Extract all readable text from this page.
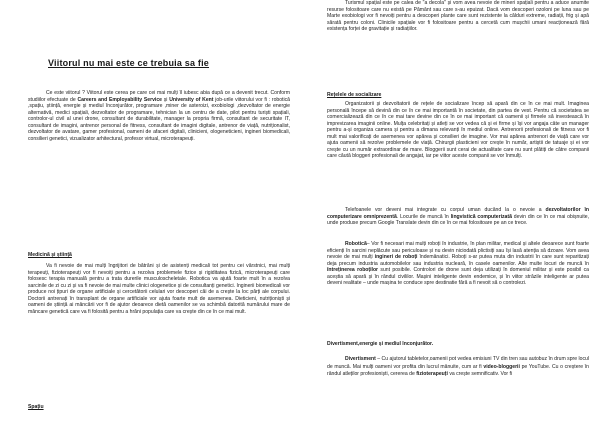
Viitorul nu mai este ce trebuia sa fie

Ce este viitorul ? Viitorul este cerea pe care cei mai mulți îl iubesc abia după ce a devenit trecut. Conform studiilor efectuate de Careers and Employability Service și University of Kent job-urile viitorului vor fi : robotică ,spațiu, știință, energie și mediul înconjurător, programare ,miner de asteroizi, exobiologi ,dezvoltator de energie alternativă, medici spațiali, dezvoltator de programare, tehnician la un centru de date, pilot pentru turiști spațiali, controlor-ul civil al unei drone, consultant de durabilitate, manager la propria firmă, consultant de securitate IT, consultant de imagini, antrenor personal de fitness, consultant de imagini digitale, antrenor de viață, nutriționalist, dezvoltator de avatare, gamer profesional, oameni de afaceri digitali, clinicieni, ologeneticieni, ingineri biomedicali, consilieri genetici, vizualizator arhitectural, profesor virtual, microterapeuți.

Medicină și știință

Va fi nevoie de mai mulți îngrijitori de bătrâni și de asistenți medicali tot pentru cei vârstnici, mai mulți terapeuți, fizioterapeuți vor fi nevoiți pentru a rezolva problemele fizice și rigiditatea fizică, microterapeuți care folosesc terapia manuală pentru a trata durerile musculoscheletale. Robotica va ajută foarte mult în a rezolva sarcinile de zi cu zi și va fi nevoie de mai multe clinici ologenetice și de consultanți genetici. Inginerii biomedicali vor produce noi țipuri de organe artificiale și cercetătorii celulari vor descoperi căi de a crește la loc părți ale corpului. Doctorii antrenați în transplant de organe artificiale vor ajuta foarte mult de asemenea. Dieticieni, nutriționiști și oameni de știință ai mâncării vor fi de ajutor deoarece dietă oamenilor se va schimbă datorită numărului mare de mâncare genetică care va fi folosită pentru a hrăni populația care va crește din ce în ce mai mult.

Spațiu

Turismul spațial este pe calea de "a decola" și vom avea nevoie de mineri spațiali pentru a aduce anumite resurse folositoare care nu există pe Pământ sau care s-au epuizat. Dacă vom descoperi ozoloni pe luna sau pe Marte exobiologi vor fi nevoiți pentru a descoperi plante care sunt rezistente la călduri extreme, radiații, frig și apă sărată pentru coloni. Clinicile spațiale vor fi folositoare pentru a cercetă cum mușchii umani reacționează fără existența forței de gravitație și radiațiilor.

Rețelele de socializare

Organizatorii și dezvoltatorii de rețele de socializare încep să apară din ce în ce mai mult. Imaginea personală începe să devină din ce în ce mai importantă în societate, din partea de vest. Pentru că societatea se comercializează din ce în ce mai tare devine din ce în ce mai important că oamenii și firmele să investească în imprevizarea imaginii online. Mulța celebritați și atleți se vor vedea că și ei firme și își vor angaja câte un manager pentru a-și organiza camera și pentru a dimana relevanți în mediul online. Antrenorii profesionali de fitness vor fi mult mai valorificați de asemenea vor apărea și consilieri de imagine. Vor mai apărea antrenori de viață care vor ajuta oamenii să rezolve problemele de viață. Chirurgii plasticieni vor crește în număr, artiștii de tatuaje și ei vor crește cu un număr extraordinar de mare. Bloggerii sunt cerai de actualitate care nu sunt plătiți de către companii care căută bloggeri profesionali de angajat, iar pe viitor aceste companii se vor înmulți.

Telefoanele vor deveni mai integrate cu corpul uman ducând la o nevoie a dezvoltatorilor în computerizare omniprezentă. Locurile de muncă în lingvistică computerizată devin din ce în ce mai obișnuite, unde produse precum Google Translate devin din ce în ce mai folositoare pe an ce trece.

Robotică– Vor fi necesari mai mulți roboți în industrie, în plan militar, medical și altele deoarece sunt foarte eficienți în sarcini neplăcute sau periculoase și nu devin niciodată plictisiți sau își lasă atenția să dzoare. Vom avea nevoie de mai mulți ingineri de roboți îndemânatici. Roboți s-ar putea muta din industrii în care sunt reparitizați deja precum industria automobilelor sau industria nucleară, în casele oamenilor. Alte multe locuri de muncă în întreținerea roboților sunt posibile. Controlori de drone sunt deja utilizați în domeniul militar și este posibil ca aceștia să apară și în rândul civililor. Mașini inteligente devin endemice, și în viitor străzile inteligente ar putea deveni realitate – unde mașina te conduce spre destinatie fără a fi nevoit să o controlezi.

Divertisment,energie și mediul înconjurător.

Divertisment – Cu ajutorul tabletelor,oamenii pot vedea emisiuni TV din tren sau autobuz în drum spre locul de muncă. Mai mulți oameni vor profita din lucrul mânuite, cum ar fi video-bloggerii pe YouTube. Cu o creștere în rândul atleților profesioniști, cererea de fizioterapeuți va crește semnificativ. Vor fi
